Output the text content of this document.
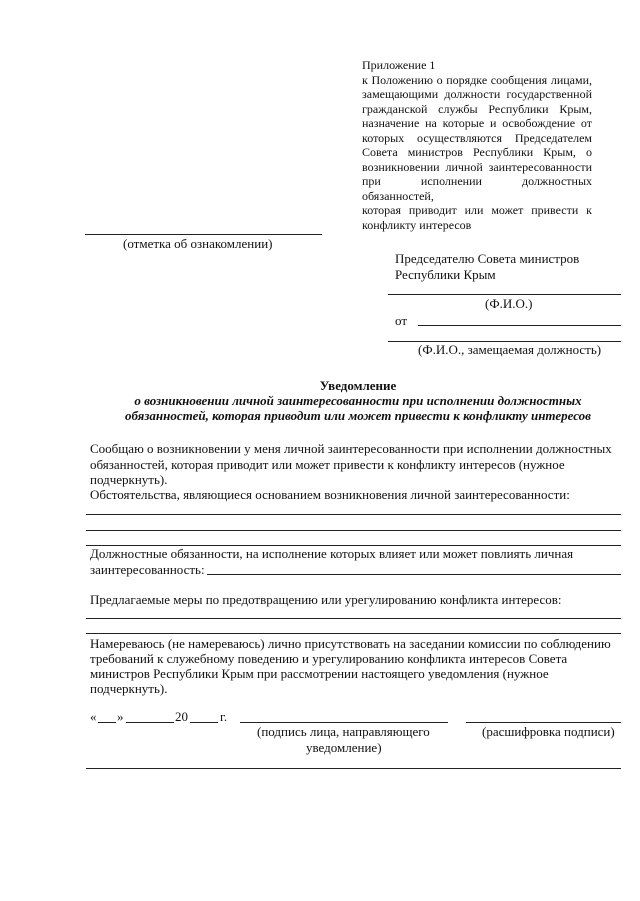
Приложение 1
к Положению о порядке сообщения лицами,
замещающими должности государственной
гражданской службы Республики Крым,
назначение на которые и освобождение от
которых осуществляются Председателем
Совета министров Республики Крым, о
возникновении личной заинтересованности
при исполнении должностных обязанностей,
которая приводит или может привести к
конфликту интересов
(отметка об ознакомлении)
Председателю Совета министров
Республики Крым
(Ф.И.О.)
от
(Ф.И.О., замещаемая должность)
Уведомление
о возникновении личной заинтересованности при исполнении должностных
обязанностей, которая приводит или может привести к конфликту интересов
Сообщаю о возникновении у меня личной заинтересованности при исполнении должностных
обязанностей, которая приводит или может привести к конфликту интересов (нужное
подчеркнуть).
Обстоятельства, являющиеся основанием возникновения личной заинтересованности:
Должностные обязанности, на исполнение которых влияет или может повлиять личная
заинтересованность:
Предлагаемые меры по предотвращению или урегулированию конфликта интересов:
Намереваюсь (не намереваюсь) лично присутствовать на заседании комиссии по соблюдению
требований к служебному поведению и урегулированию конфликта интересов Совета
министров Республики Крым при рассмотрении настоящего уведомления (нужное
подчеркнуть).
« »	20 г.
(подпись лица, направляющего
уведомление)
(расшифровка подписи)
